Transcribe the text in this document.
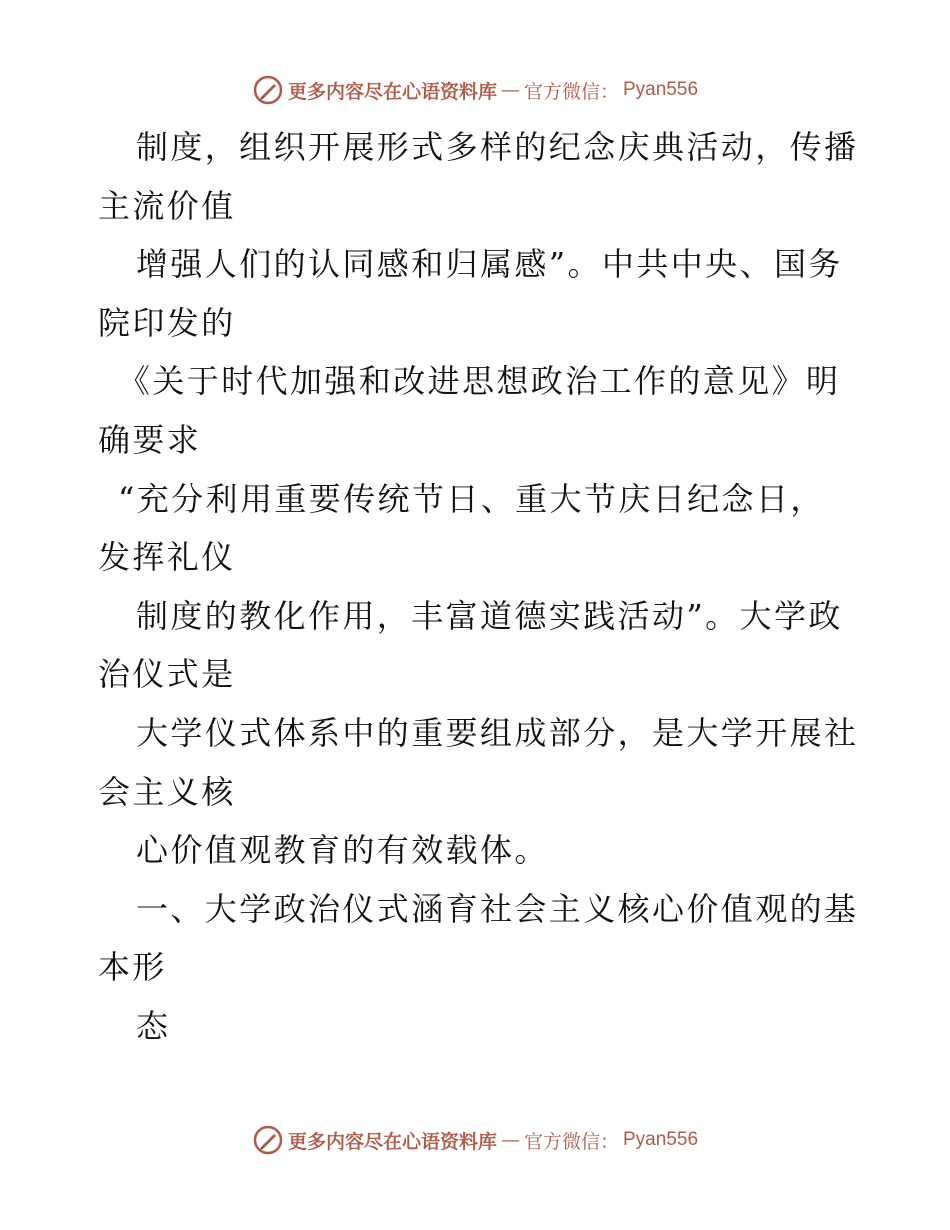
更多内容尽在心语资料库 — 官方微信： Pyan556
制度，组织开展形式多样的纪念庆典活动，传播
主流价值
增强人们的认同感和归属感”。中共中央、国务
院印发的
《关于时代加强和改进思想政治工作的意见》明
确要求
“充分利用重要传统节日、重大节庆日纪念日，
发挥礼仪
制度的教化作用，丰富道德实践活动”。大学政
治仪式是
大学仪式体系中的重要组成部分，是大学开展社
会主义核
心价值观教育的有效载体。
一、大学政治仪式涵育社会主义核心价值观的基
本形
态
更多内容尽在心语资料库 — 官方微信： Pyan556
